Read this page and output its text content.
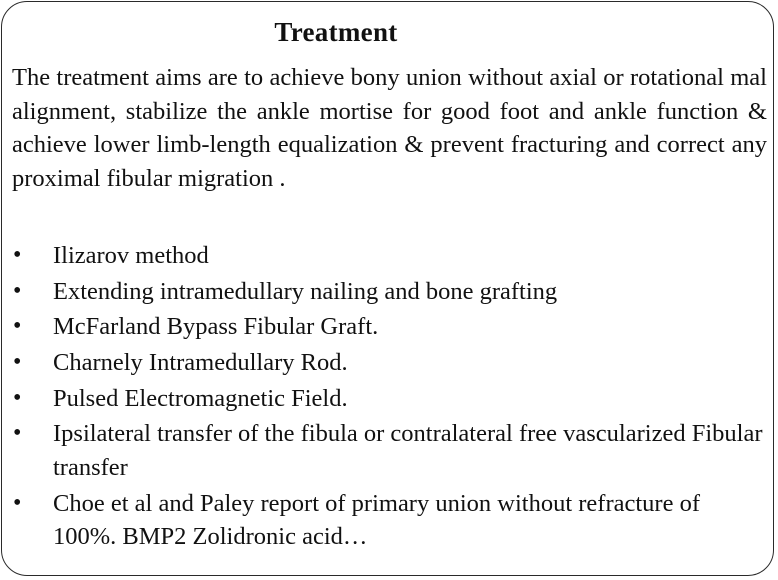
Treatment
The treatment aims are to achieve bony union without axial or rotational mal alignment, stabilize the ankle mortise for good foot and ankle function & achieve lower limb-length equalization & prevent fracturing and correct any proximal fibular migration .
•	Ilizarov method
•	Extending intramedullary nailing and bone grafting
•	McFarland Bypass Fibular Graft.
•	Charnely Intramedullary Rod.
•	Pulsed Electromagnetic Field.
•	Ipsilateral transfer of the fibula or contralateral free vascularized Fibular transfer
•	Choe et al and Paley report of primary union without refracture of 100%. BMP2 Zolidronic acid…
